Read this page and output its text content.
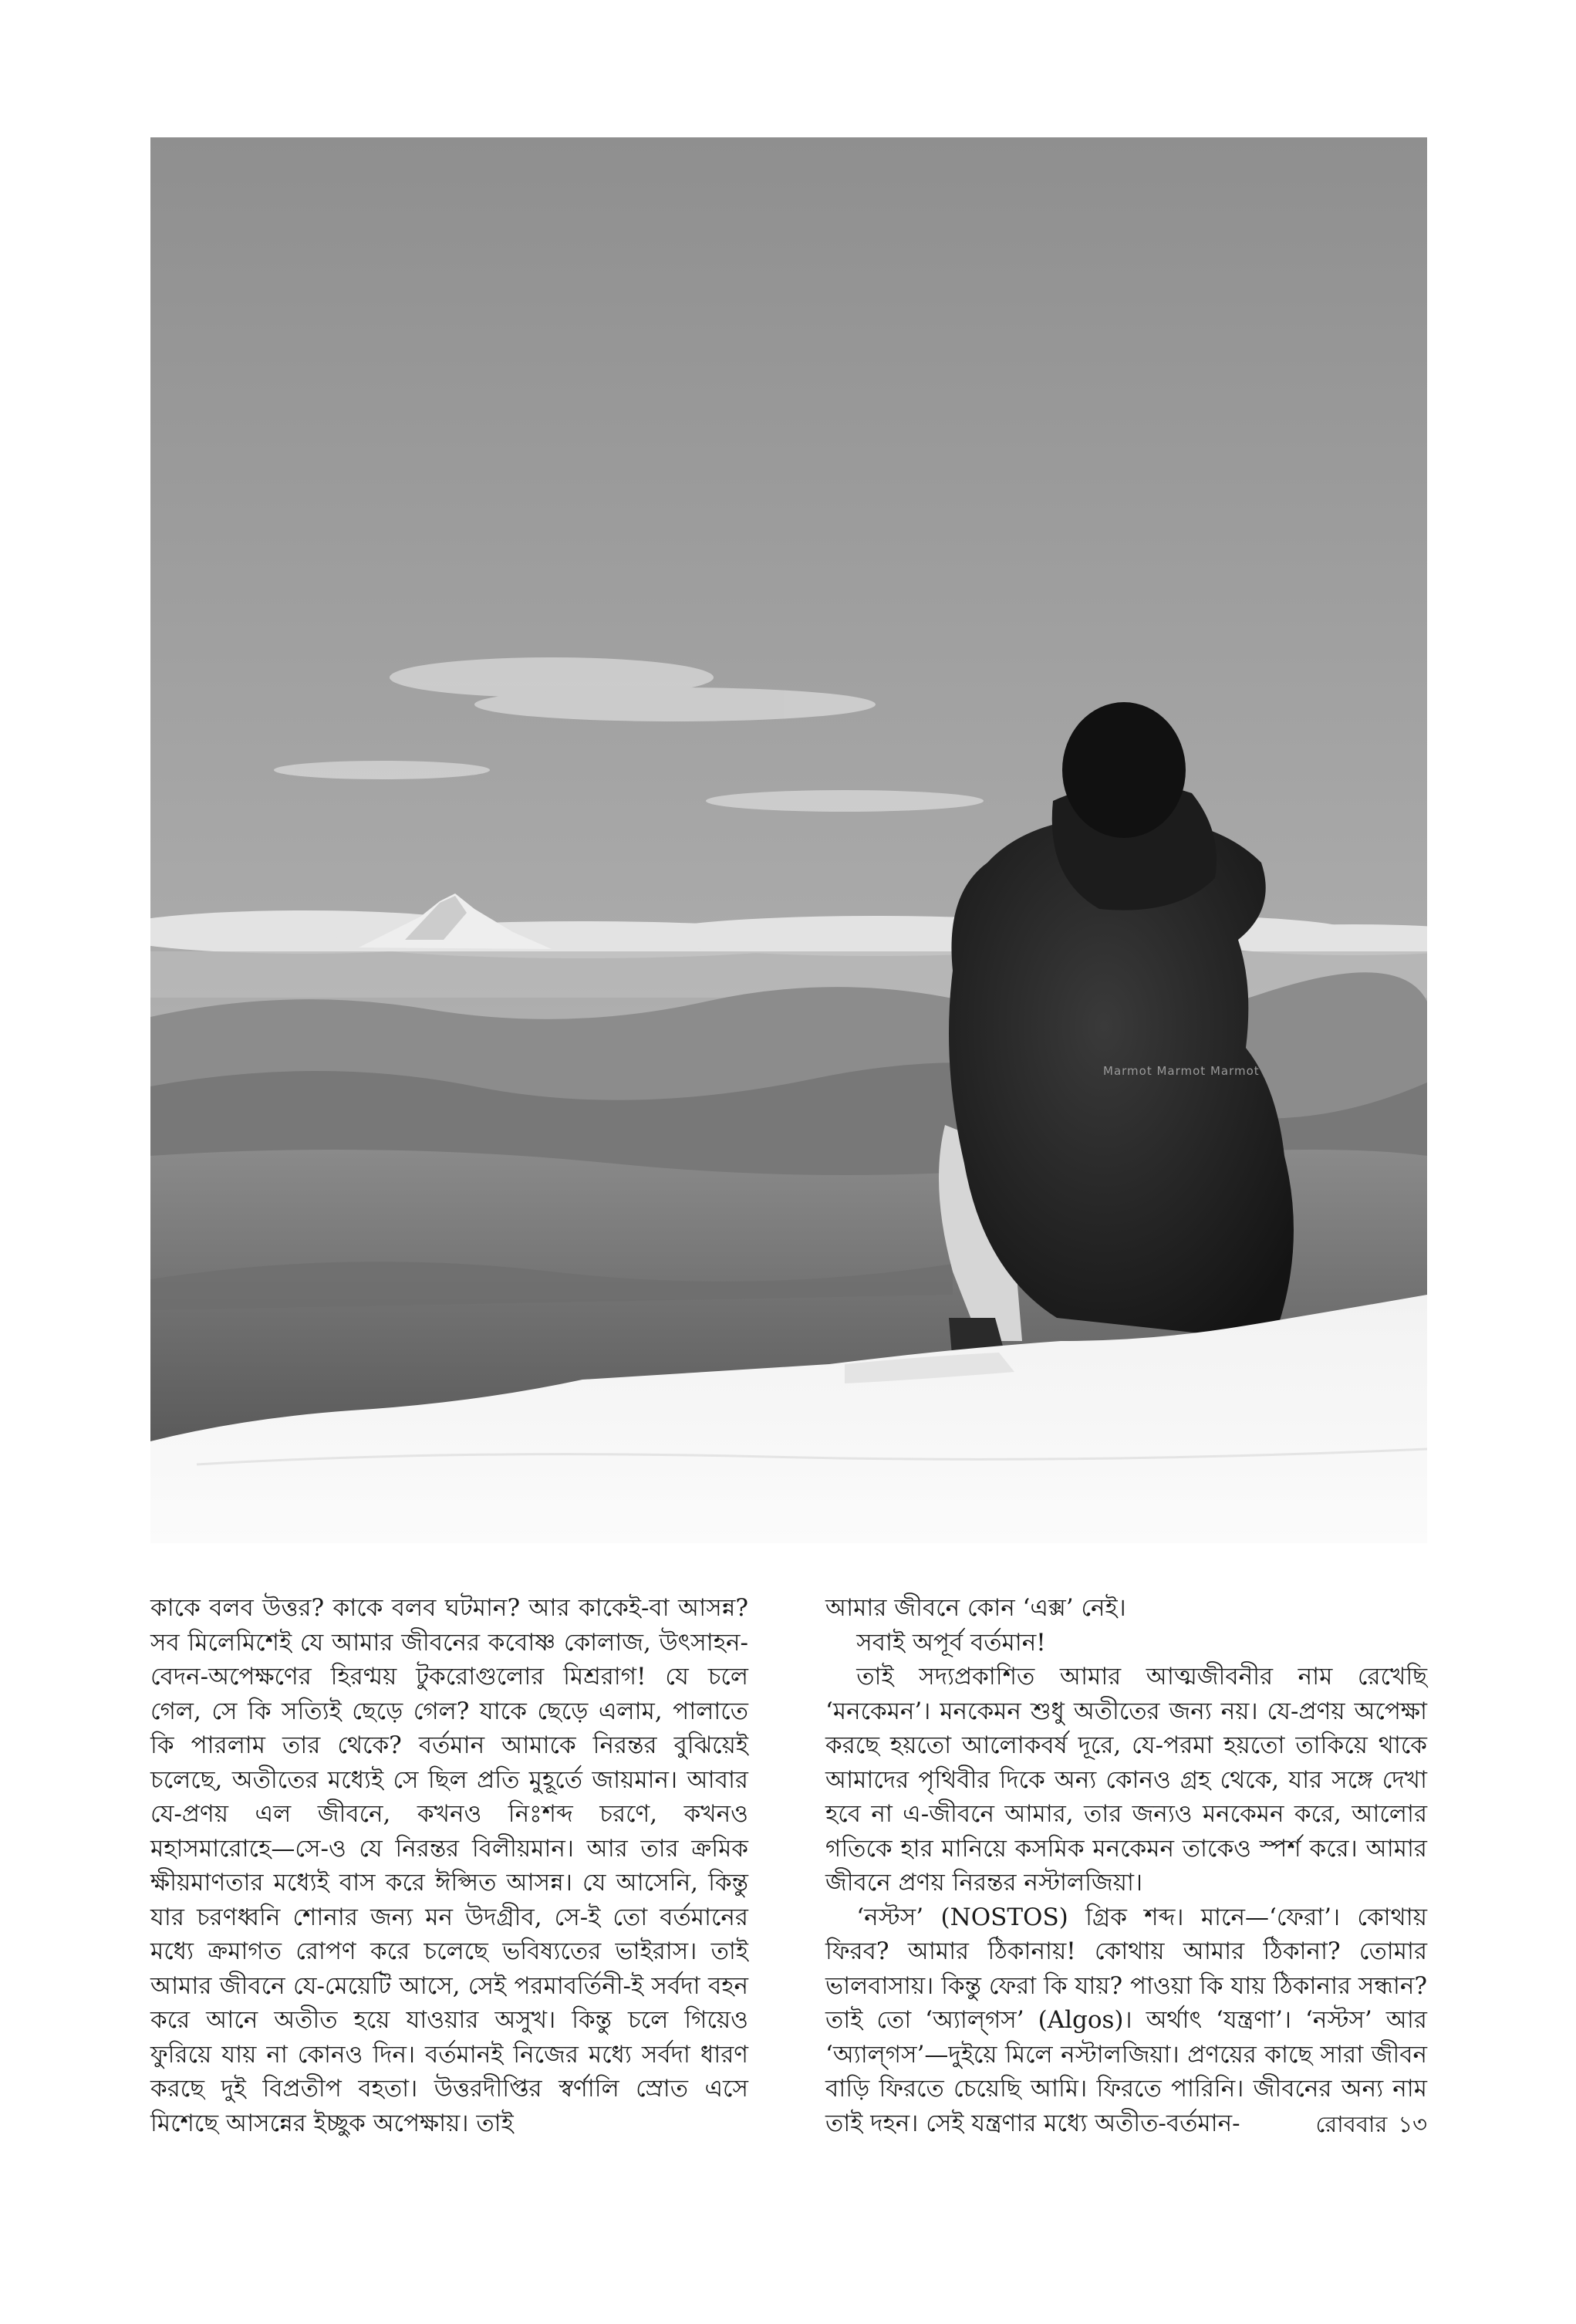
Marmot Marmot Marmot

কাকে বলব উত্তর? কাকে বলব ঘটমান? আর কাকেই-বা আসন্ন? সব মিলেমিশেই যে আমার জীবনের কবোষ্ণ কোলাজ, উৎসাহন-বেদন-অপেক্ষণের হিরণ্ময় টুকরোগুলোর মিশ্ররাগ! যে চলে গেল, সে কি সত্যিই ছেড়ে গেল? যাকে ছেড়ে এলাম, পালাতে কি পারলাম তার থেকে? বর্তমান আমাকে নিরন্তর বুঝিয়েই চলেছে, অতীতের মধ্যেই সে ছিল প্রতি মুহূর্তে জায়মান। আবার যে-প্রণয় এল জীবনে, কখনও নিঃশব্দ চরণে, কখনও মহাসমারোহে—সে-ও যে নিরন্তর বিলীয়মান। আর তার ক্রমিক ক্ষীয়মাণতার মধ্যেই বাস করে ঈপ্সিত আসন্ন। যে আসেনি, কিন্তু যার চরণধ্বনি শোনার জন্য মন উদগ্রীব, সে-ই তো বর্তমানের মধ্যে ক্রমাগত রোপণ করে চলেছে ভবিষ্যতের ভাইরাস। তাই আমার জীবনে যে-মেয়েটি আসে, সেই পরমাবর্তিনী-ই সর্বদা বহন করে আনে অতীত হয়ে যাওয়ার অসুখ। কিন্তু চলে গিয়েও ফুরিয়ে যায় না কোনও দিন। বর্তমানই নিজের মধ্যে সর্বদা ধারণ করছে দুই বিপ্রতীপ বহতা। উত্তরদীপ্তির স্বর্ণালি স্রোত এসে মিশেছে আসন্নের ইচ্ছুক অপেক্ষায়। তাই

আমার জীবনে কোন ‘এক্স’ নেই।

সবাই অপূর্ব বর্তমান!

তাই সদ্যপ্রকাশিত আমার আত্মজীবনীর নাম রেখেছি ‘মনকেমন’। মনকেমন শুধু অতীতের জন্য নয়। যে-প্রণয় অপেক্ষা করছে হয়তো আলোকবর্ষ দূরে, যে-পরমা হয়তো তাকিয়ে থাকে আমাদের পৃথিবীর দিকে অন্য কোনও গ্রহ থেকে, যার সঙ্গে দেখা হবে না এ-জীবনে আমার, তার জন্যও মনকেমন করে, আলোর গতিকে হার মানিয়ে কসমিক মনকেমন তাকেও স্পর্শ করে। আমার জীবনে প্রণয় নিরন্তর নস্টালজিয়া।

‘নস্টস’ (NOSTOS) গ্রিক শব্দ। মানে—‘ফেরা’। কোথায় ফিরব? আমার ঠিকানায়! কোথায় আমার ঠিকানা? তোমার ভালবাসায়। কিন্তু ফেরা কি যায়? পাওয়া কি যায় ঠিকানার সন্ধান? তাই তো ‘অ্যাল্‌গস’ (Algos)। অর্থাৎ ‘যন্ত্রণা’। ‘নস্টস’ আর ‘অ্যাল্‌গস’—দুইয়ে মিলে নস্টালজিয়া। প্রণয়ের কাছে সারা জীবন বাড়ি ফিরতে চেয়েছি আমি। ফিরতে পারিনি। জীবনের অন্য নাম তাই দহন। সেই যন্ত্রণার মধ্যে অতীত-বর্তমান-	রোববার ১৩
